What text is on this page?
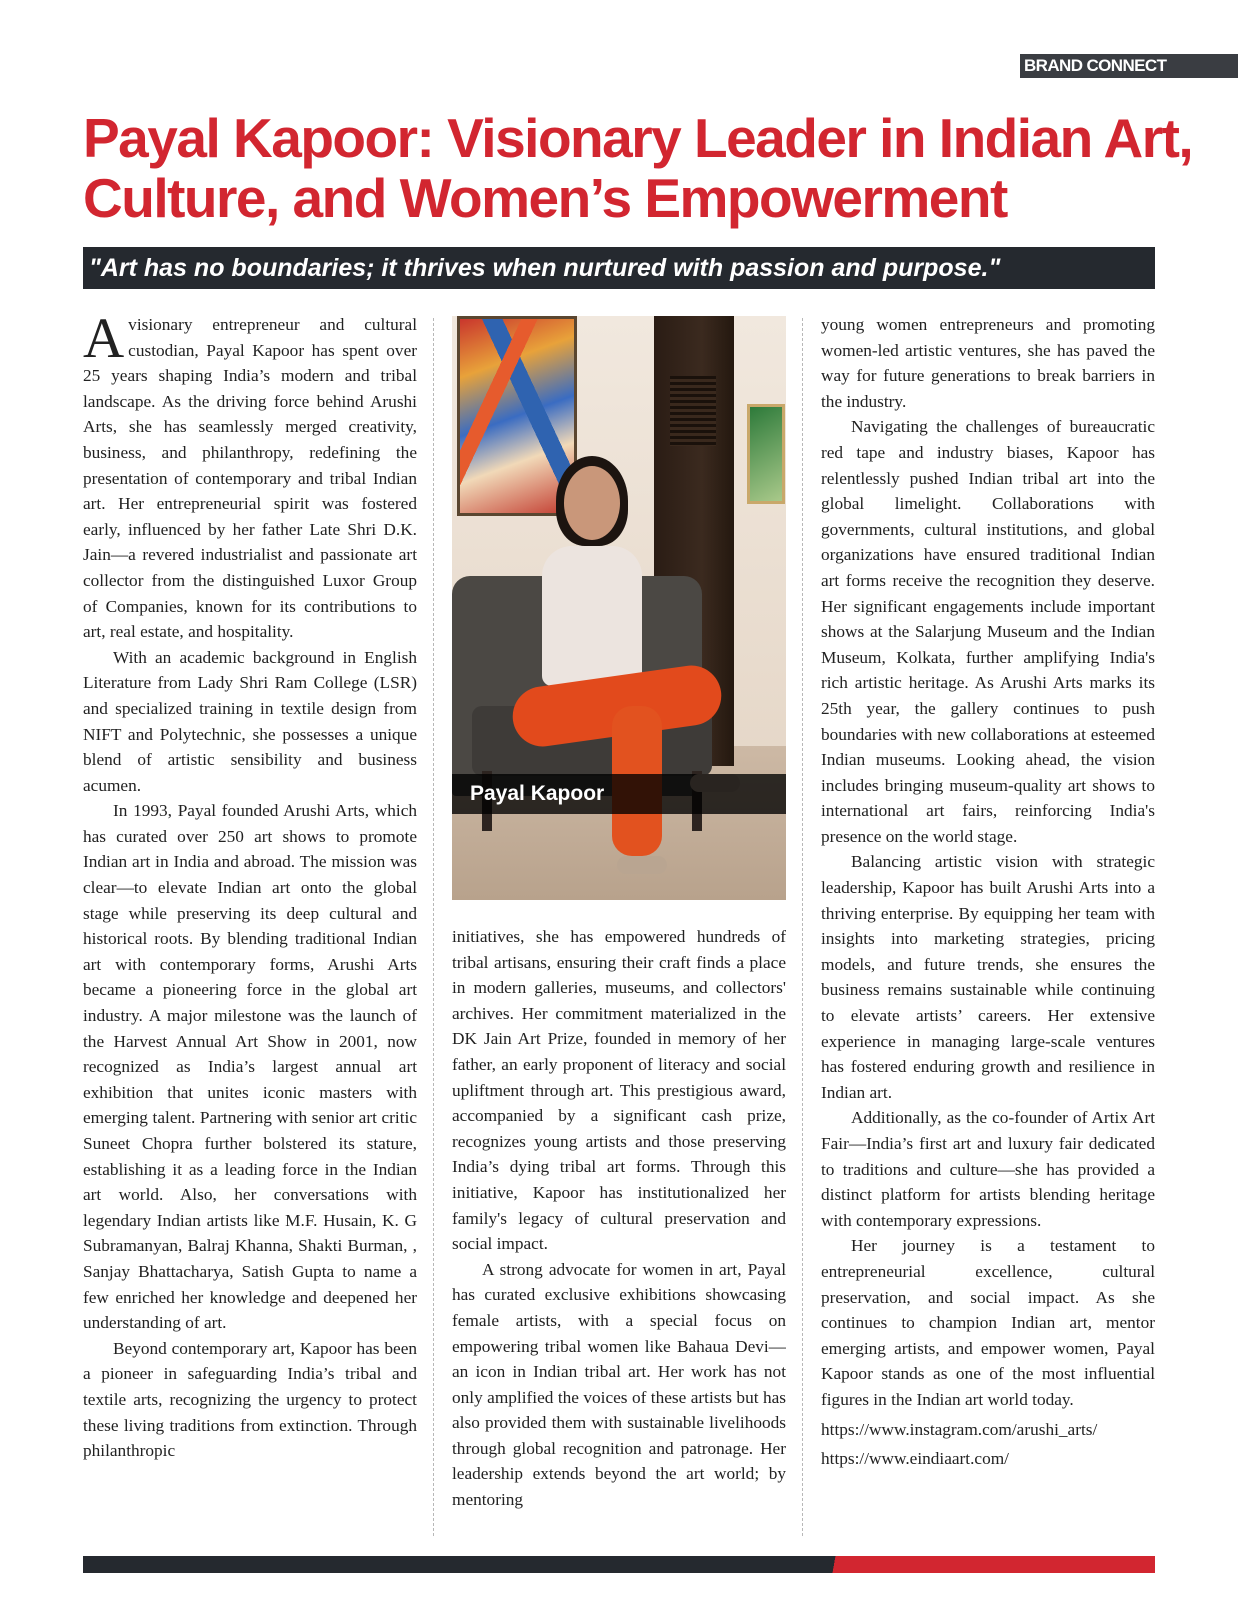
BRAND CONNECT
Payal Kapoor: Visionary Leader in Indian Art,
Culture, and Women’s Empowerment
"Art has no boundaries; it thrives when nurtured with passion and purpose."

A visionary entrepreneur and cultural custodian, Payal Kapoor has spent over 25 years shaping India’s modern and tribal landscape. As the driving force behind Arushi Arts, she has seamlessly merged creativity, business, and philanthropy, redefining the presentation of contemporary and tribal Indian art. Her entrepreneurial spirit was fostered early, influenced by her father Late Shri D.K. Jain—a revered industrialist and passionate art collector from the distinguished Luxor Group of Companies, known for its contributions to art, real estate, and hospitality.

With an academic background in English Literature from Lady Shri Ram College (LSR) and specialized training in textile design from NIFT and Polytechnic, she possesses a unique blend of artistic sensibility and business acumen.

In 1993, Payal founded Arushi Arts, which has curated over 250 art shows to promote Indian art in India and abroad. The mission was clear—to elevate Indian art onto the global stage while preserving its deep cultural and historical roots. By blending traditional Indian art with contemporary forms, Arushi Arts became a pioneering force in the global art industry. A major milestone was the launch of the Harvest Annual Art Show in 2001, now recognized as India’s largest annual art exhibition that unites iconic masters with emerging talent. Partnering with senior art critic Suneet Chopra further bolstered its stature, establishing it as a leading force in the Indian art world. Also, her conversations with legendary Indian artists like M.F. Husain, K. G Subramanyan, Balraj Khanna, Shakti Burman, , Sanjay Bhattacharya, Satish Gupta to name a few enriched her knowledge and deepened her understanding of art.

Beyond contemporary art, Kapoor has been a pioneer in safeguarding India’s tribal and textile arts, recognizing the urgency to protect these living traditions from extinction. Through philanthropic

Payal Kapoor

initiatives, she has empowered hundreds of tribal artisans, ensuring their craft finds a place in modern galleries, museums, and collectors' archives. Her commitment materialized in the DK Jain Art Prize, founded in memory of her father, an early proponent of literacy and social upliftment through art. This prestigious award, accompanied by a significant cash prize, recognizes young artists and those preserving India’s dying tribal art forms. Through this initiative, Kapoor has institutionalized her family's legacy of cultural preservation and social impact.

A strong advocate for women in art, Payal has curated exclusive exhibitions showcasing female artists, with a special focus on empowering tribal women like Bahaua Devi—an icon in Indian tribal art. Her work has not only amplified the voices of these artists but has also provided them with sustainable livelihoods through global recognition and patronage. Her leadership extends beyond the art world; by mentoring

young women entrepreneurs and promoting women-led artistic ventures, she has paved the way for future generations to break barriers in the industry.

Navigating the challenges of bureaucratic red tape and industry biases, Kapoor has relentlessly pushed Indian tribal art into the global limelight. Collaborations with governments, cultural institutions, and global organizations have ensured traditional Indian art forms receive the recognition they deserve. Her significant engagements include important shows at the Salarjung Museum and the Indian Museum, Kolkata, further amplifying India's rich artistic heritage. As Arushi Arts marks its 25th year, the gallery continues to push boundaries with new collaborations at esteemed Indian museums. Looking ahead, the vision includes bringing museum-quality art shows to international art fairs, reinforcing India's presence on the world stage.

Balancing artistic vision with strategic leadership, Kapoor has built Arushi Arts into a thriving enterprise. By equipping her team with insights into marketing strategies, pricing models, and future trends, she ensures the business remains sustainable while continuing to elevate artists’ careers. Her extensive experience in managing large-scale ventures has fostered enduring growth and resilience in Indian art.

Additionally, as the co-founder of Artix Art Fair—India’s first art and luxury fair dedicated to traditions and culture—she has provided a distinct platform for artists blending heritage with contemporary expressions.

Her journey is a testament to entrepreneurial excellence, cultural preservation, and social impact. As she continues to champion Indian art, mentor emerging artists, and empower women, Payal Kapoor stands as one of the most influential figures in the Indian art world today.

https://www.instagram.com/arushi_arts/
https://www.eindiaart.com/
